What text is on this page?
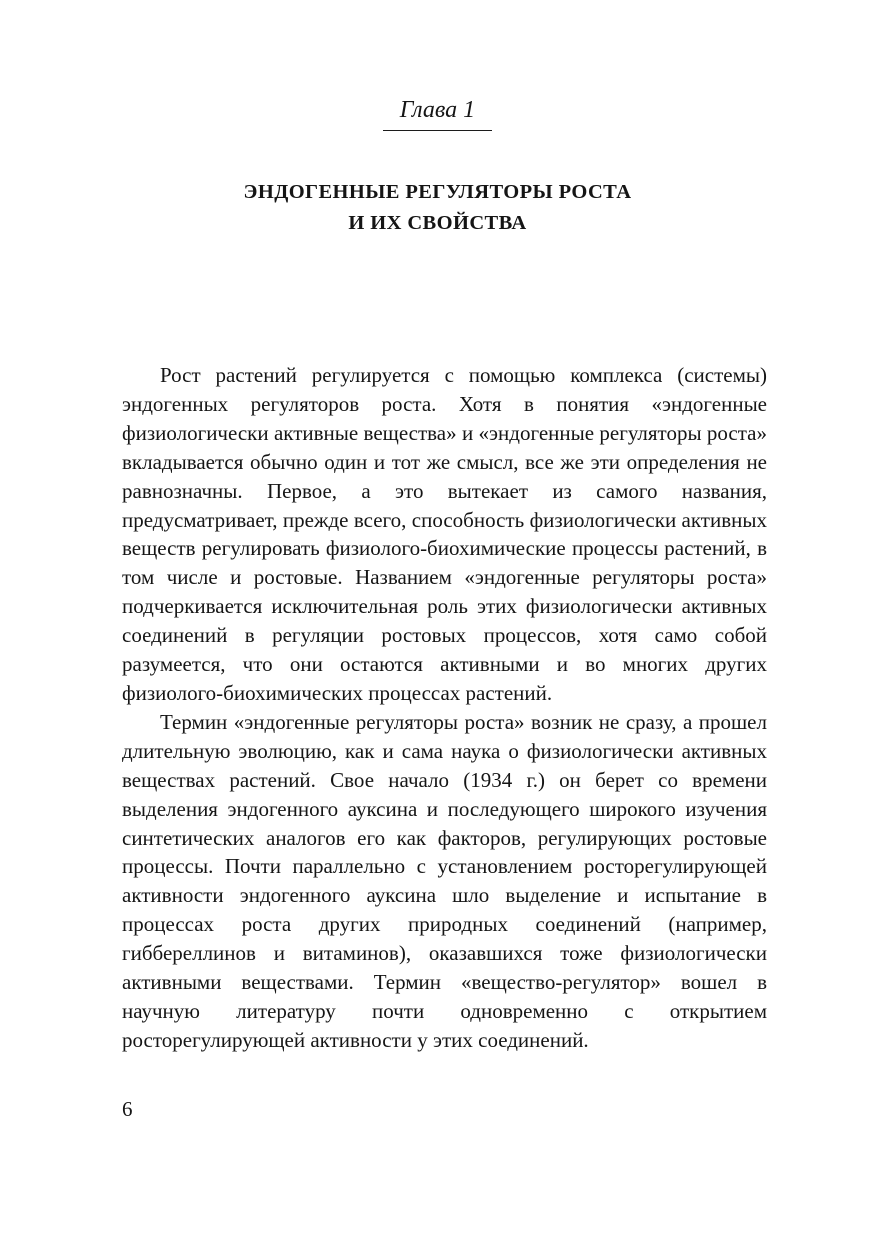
Глава 1
ЭНДОГЕННЫЕ РЕГУЛЯТОРЫ РОСТА
И ИХ СВОЙСТВА

Рост растений регулируется с помощью комплекса (системы) эндогенных регуляторов роста. Хотя в понятия «эндогенные физиологически активные вещества» и «эндогенные регуляторы роста» вкладывается обычно один и тот же смысл, все же эти определения не равнозначны. Первое, а это вытекает из самого названия, предусматривает, прежде всего, способность физиологически активных веществ регулировать физиолого-биохимические процессы растений, в том числе и ростовые. Названием «эндогенные регуляторы роста» подчеркивается исключительная роль этих физиологически активных соединений в регуляции ростовых процессов, хотя само собой разумеется, что они остаются активными и во многих других физиолого-биохимических процессах растений.

Термин «эндогенные регуляторы роста» возник не сразу, а прошел длительную эволюцию, как и сама наука о физиологически активных веществах растений. Свое начало (1934 г.) он берет со времени выделения эндогенного ауксина и последующего широкого изучения синтетических аналогов его как факторов, регулирующих ростовые процессы. Почти параллельно с установлением росторегулирующей активности эндогенного ауксина шло выделение и испытание в процессах роста других природных соединений (например, гиббереллинов и витаминов), оказавшихся тоже физиологически активными веществами. Термин «вещество-регулятор» вошел в научную литературу почти одновременно с открытием росторегулирующей активности у этих соединений.

6
